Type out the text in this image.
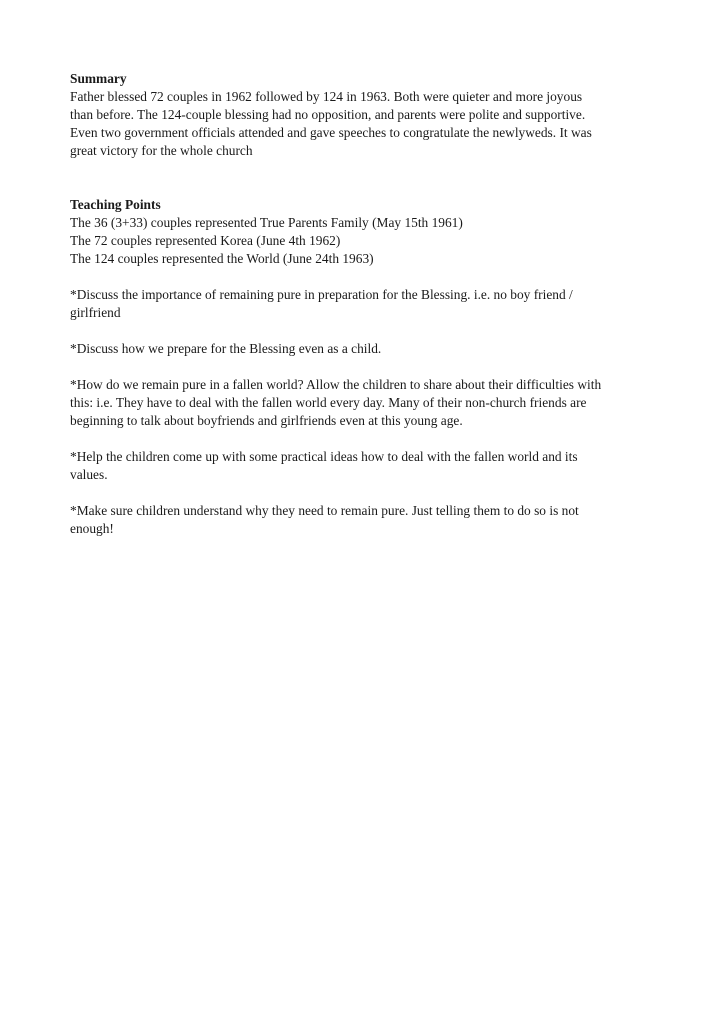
Summary

Father blessed 72 couples in 1962 followed by 124 in 1963. Both were quieter and more joyous

than before. The 124-couple blessing had no opposition, and parents were polite and supportive.

Even two government officials attended and gave speeches to congratulate the newlyweds. It was

great victory for the whole church

Teaching Points

The 36 (3+33) couples represented True Parents Family (May 15th 1961)

The 72 couples represented Korea (June 4th 1962)

The 124 couples represented the World (June 24th 1963)

*Discuss the importance of remaining pure in preparation for the Blessing. i.e. no boy friend /

girlfriend

*Discuss how we prepare for the Blessing even as a child.

*How do we remain pure in a fallen world? Allow the children to share about their difficulties with

this: i.e. They have to deal with the fallen world every day. Many of their non-church friends are

beginning to talk about boyfriends and girlfriends even at this young age.

*Help the children come up with some practical ideas how to deal with the fallen world and its

values.

*Make sure children understand why they need to remain pure. Just telling them to do so is not

enough!
